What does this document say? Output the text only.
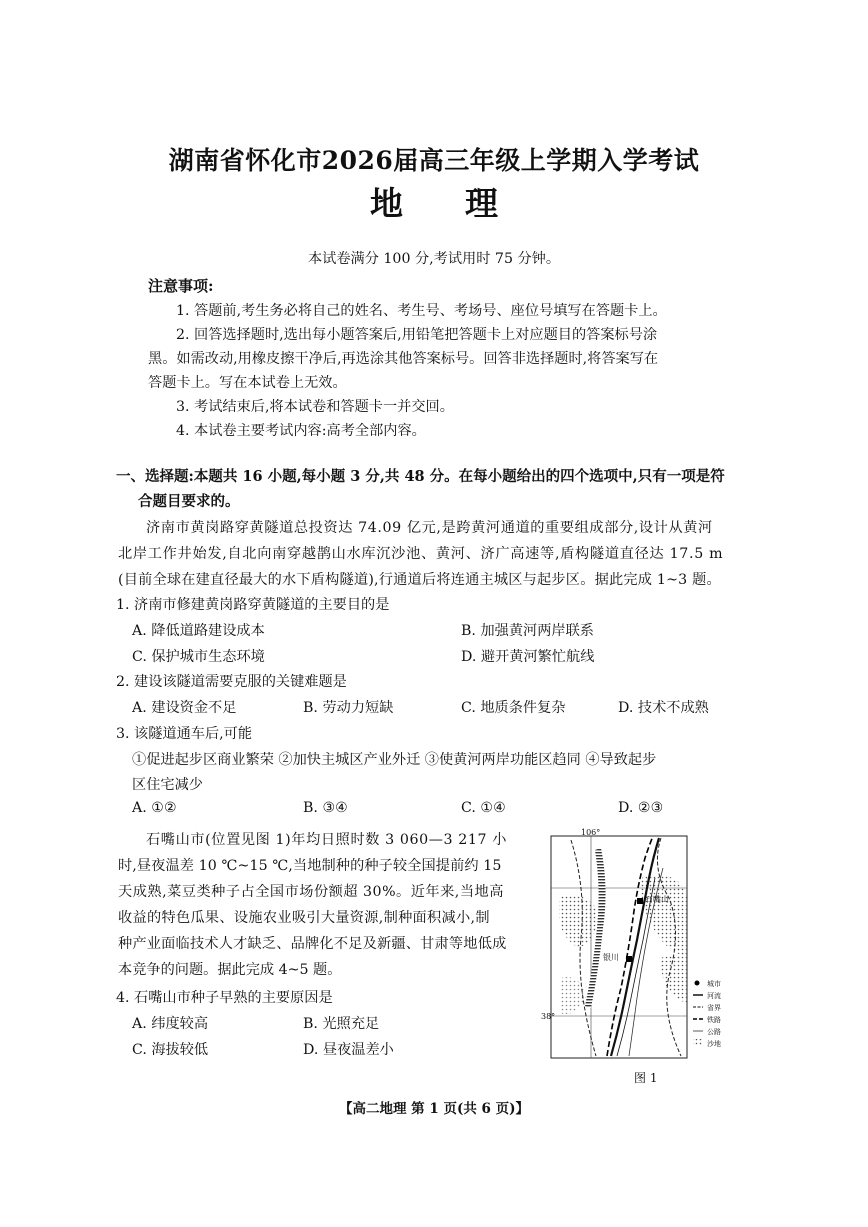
湖南省怀化市2026届高三年级上学期入学考试
地理
本试卷满分 100 分,考试用时 75 分钟。
注意事项:
1. 答题前,考生务必将自己的姓名、考生号、考场号、座位号填写在答题卡上。
2. 回答选择题时,选出每小题答案后,用铅笔把答题卡上对应题目的答案标号涂
黑。如需改动,用橡皮擦干净后,再选涂其他答案标号。回答非选择题时,将答案写在
答题卡上。写在本试卷上无效。
3. 考试结束后,将本试卷和答题卡一并交回。
4. 本试卷主要考试内容:高考全部内容。
一、选择题:本题共 16 小题,每小题 3 分,共 48 分。在每小题给出的四个选项中,只有一项是符
合题目要求的。
济南市黄岗路穿黄隧道总投资达 74.09 亿元,是跨黄河通道的重要组成部分,设计从黄河
北岸工作井始发,自北向南穿越鹊山水库沉沙池、黄河、济广高速等,盾构隧道直径达 17.5 m
(目前全球在建直径最大的水下盾构隧道),行通道后将连通主城区与起步区。据此完成 1~3 题。
1. 济南市修建黄岗路穿黄隧道的主要目的是
A. 降低道路建设成本	B. 加强黄河两岸联系
C. 保护城市生态环境	D. 避开黄河繁忙航线
2. 建设该隧道需要克服的关键难题是
A. 建设资金不足	B. 劳动力短缺	C. 地质条件复杂	D. 技术不成熟
3. 该隧道通车后,可能
①促进起步区商业繁荣 ②加快主城区产业外迁 ③使黄河两岸功能区趋同 ④导致起步
区住宅减少
A. ①②	B. ③④	C. ①④	D. ②③
石嘴山市(位置见图 1)年均日照时数 3 060—3 217 小
时,昼夜温差 10 ℃~15 ℃,当地制种的种子较全国提前约 15
天成熟,菜豆类种子占全国市场份额超 30%。近年来,当地高
收益的特色瓜果、设施农业吸引大量资源,制种面积减小,制
种产业面临技术人才缺乏、品牌化不足及新疆、甘肃等地低成
本竞争的问题。据此完成 4~5 题。
4. 石嘴山市种子早熟的主要原因是
A. 纬度较高	B. 光照充足
C. 海拔较低	D. 昼夜温差小
106°
38°
石嘴山
银川
城市
河流
省界
铁路
公路
沙地
图 1
【高二地理 第 1 页(共 6 页)】
